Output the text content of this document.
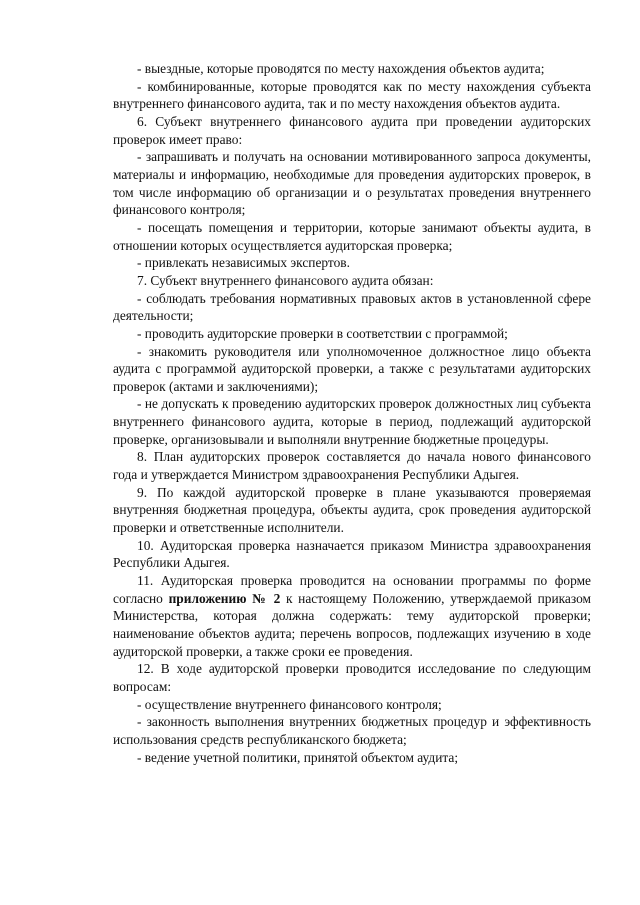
- выездные, которые проводятся по месту нахождения объектов аудита;

- комбинированные, которые проводятся как по месту нахождения субъекта внутреннего финансового аудита, так и по месту нахождения объектов аудита.

6. Субъект внутреннего финансового аудита при проведении аудиторских проверок имеет право:

- запрашивать и получать на основании мотивированного запроса документы, материалы и информацию, необходимые для проведения аудиторских проверок, в том числе информацию об организации и о результатах проведения внутреннего финансового контроля;

- посещать помещения и территории, которые занимают объекты аудита, в отношении которых осуществляется аудиторская проверка;

- привлекать независимых экспертов.

7. Субъект внутреннего финансового аудита обязан:

- соблюдать требования нормативных правовых актов в установленной сфере деятельности;

- проводить аудиторские проверки в соответствии с программой;

- знакомить руководителя или уполномоченное должностное лицо объекта аудита с программой аудиторской проверки, а также с результатами аудиторских проверок (актами и заключениями);

- не допускать к проведению аудиторских проверок должностных лиц субъекта внутреннего финансового аудита, которые в период, подлежащий аудиторской проверке, организовывали и выполняли внутренние бюджетные процедуры.

8. План аудиторских проверок составляется до начала нового финансового года и утверждается Министром здравоохранения Республики Адыгея.

9. По каждой аудиторской проверке в плане указываются проверяемая внутренняя бюджетная процедура, объекты аудита, срок проведения аудиторской проверки и ответственные исполнители.

10. Аудиторская проверка назначается приказом Министра здравоохранения Республики Адыгея.

11. Аудиторская проверка проводится на основании программы по форме согласно приложению № 2 к настоящему Положению, утверждаемой приказом Министерства, которая должна содержать: тему аудиторской проверки; наименование объектов аудита; перечень вопросов, подлежащих изучению в ходе аудиторской проверки, а также сроки ее проведения.

12. В ходе аудиторской проверки проводится исследование по следующим вопросам:

- осуществление внутреннего финансового контроля;

- законность выполнения внутренних бюджетных процедур и эффективность использования средств республиканского бюджета;

- ведение учетной политики, принятой объектом аудита;
